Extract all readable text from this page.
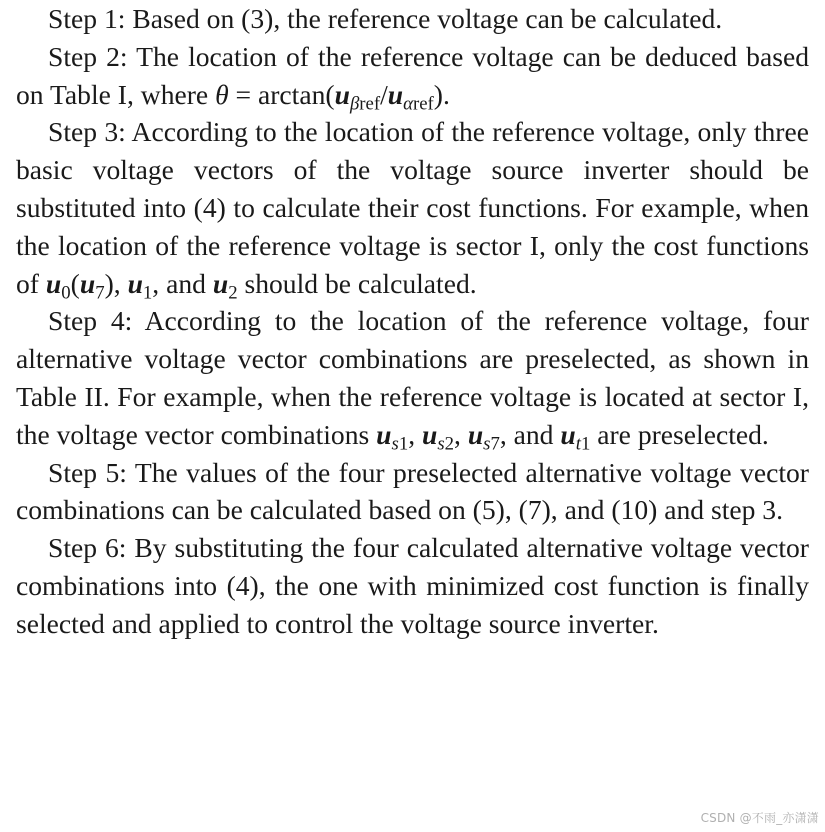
Step 1: Based on (3), the reference voltage can be calculated.

Step 2: The location of the reference voltage can be deduced based on Table I, where $\theta = \arctan(u_{\beta ref}/u_{\alpha ref})$.

Step 3: According to the location of the reference voltage, only three basic voltage vectors of the voltage source inverter should be substituted into (4) to calculate their cost functions. For example, when the location of the reference voltage is sector I, only the cost functions of $u_0(u_7)$, $u_1$, and $u_2$ should be calculated.

Step 4: According to the location of the reference voltage, four alternative voltage vector combinations are preselected, as shown in Table II. For example, when the reference voltage is located at sector I, the voltage vector combinations $u_{s1}$, $u_{s2}$, $u_{s7}$, and $u_{t1}$ are preselected.

Step 5: The values of the four preselected alternative voltage vector combinations can be calculated based on (5), (7), and (10) and step 3.

Step 6: By substituting the four calculated alternative voltage vector combinations into (4), the one with minimized cost function is finally selected and applied to control the voltage source inverter.

CSDN @不雨_亦潇潇
